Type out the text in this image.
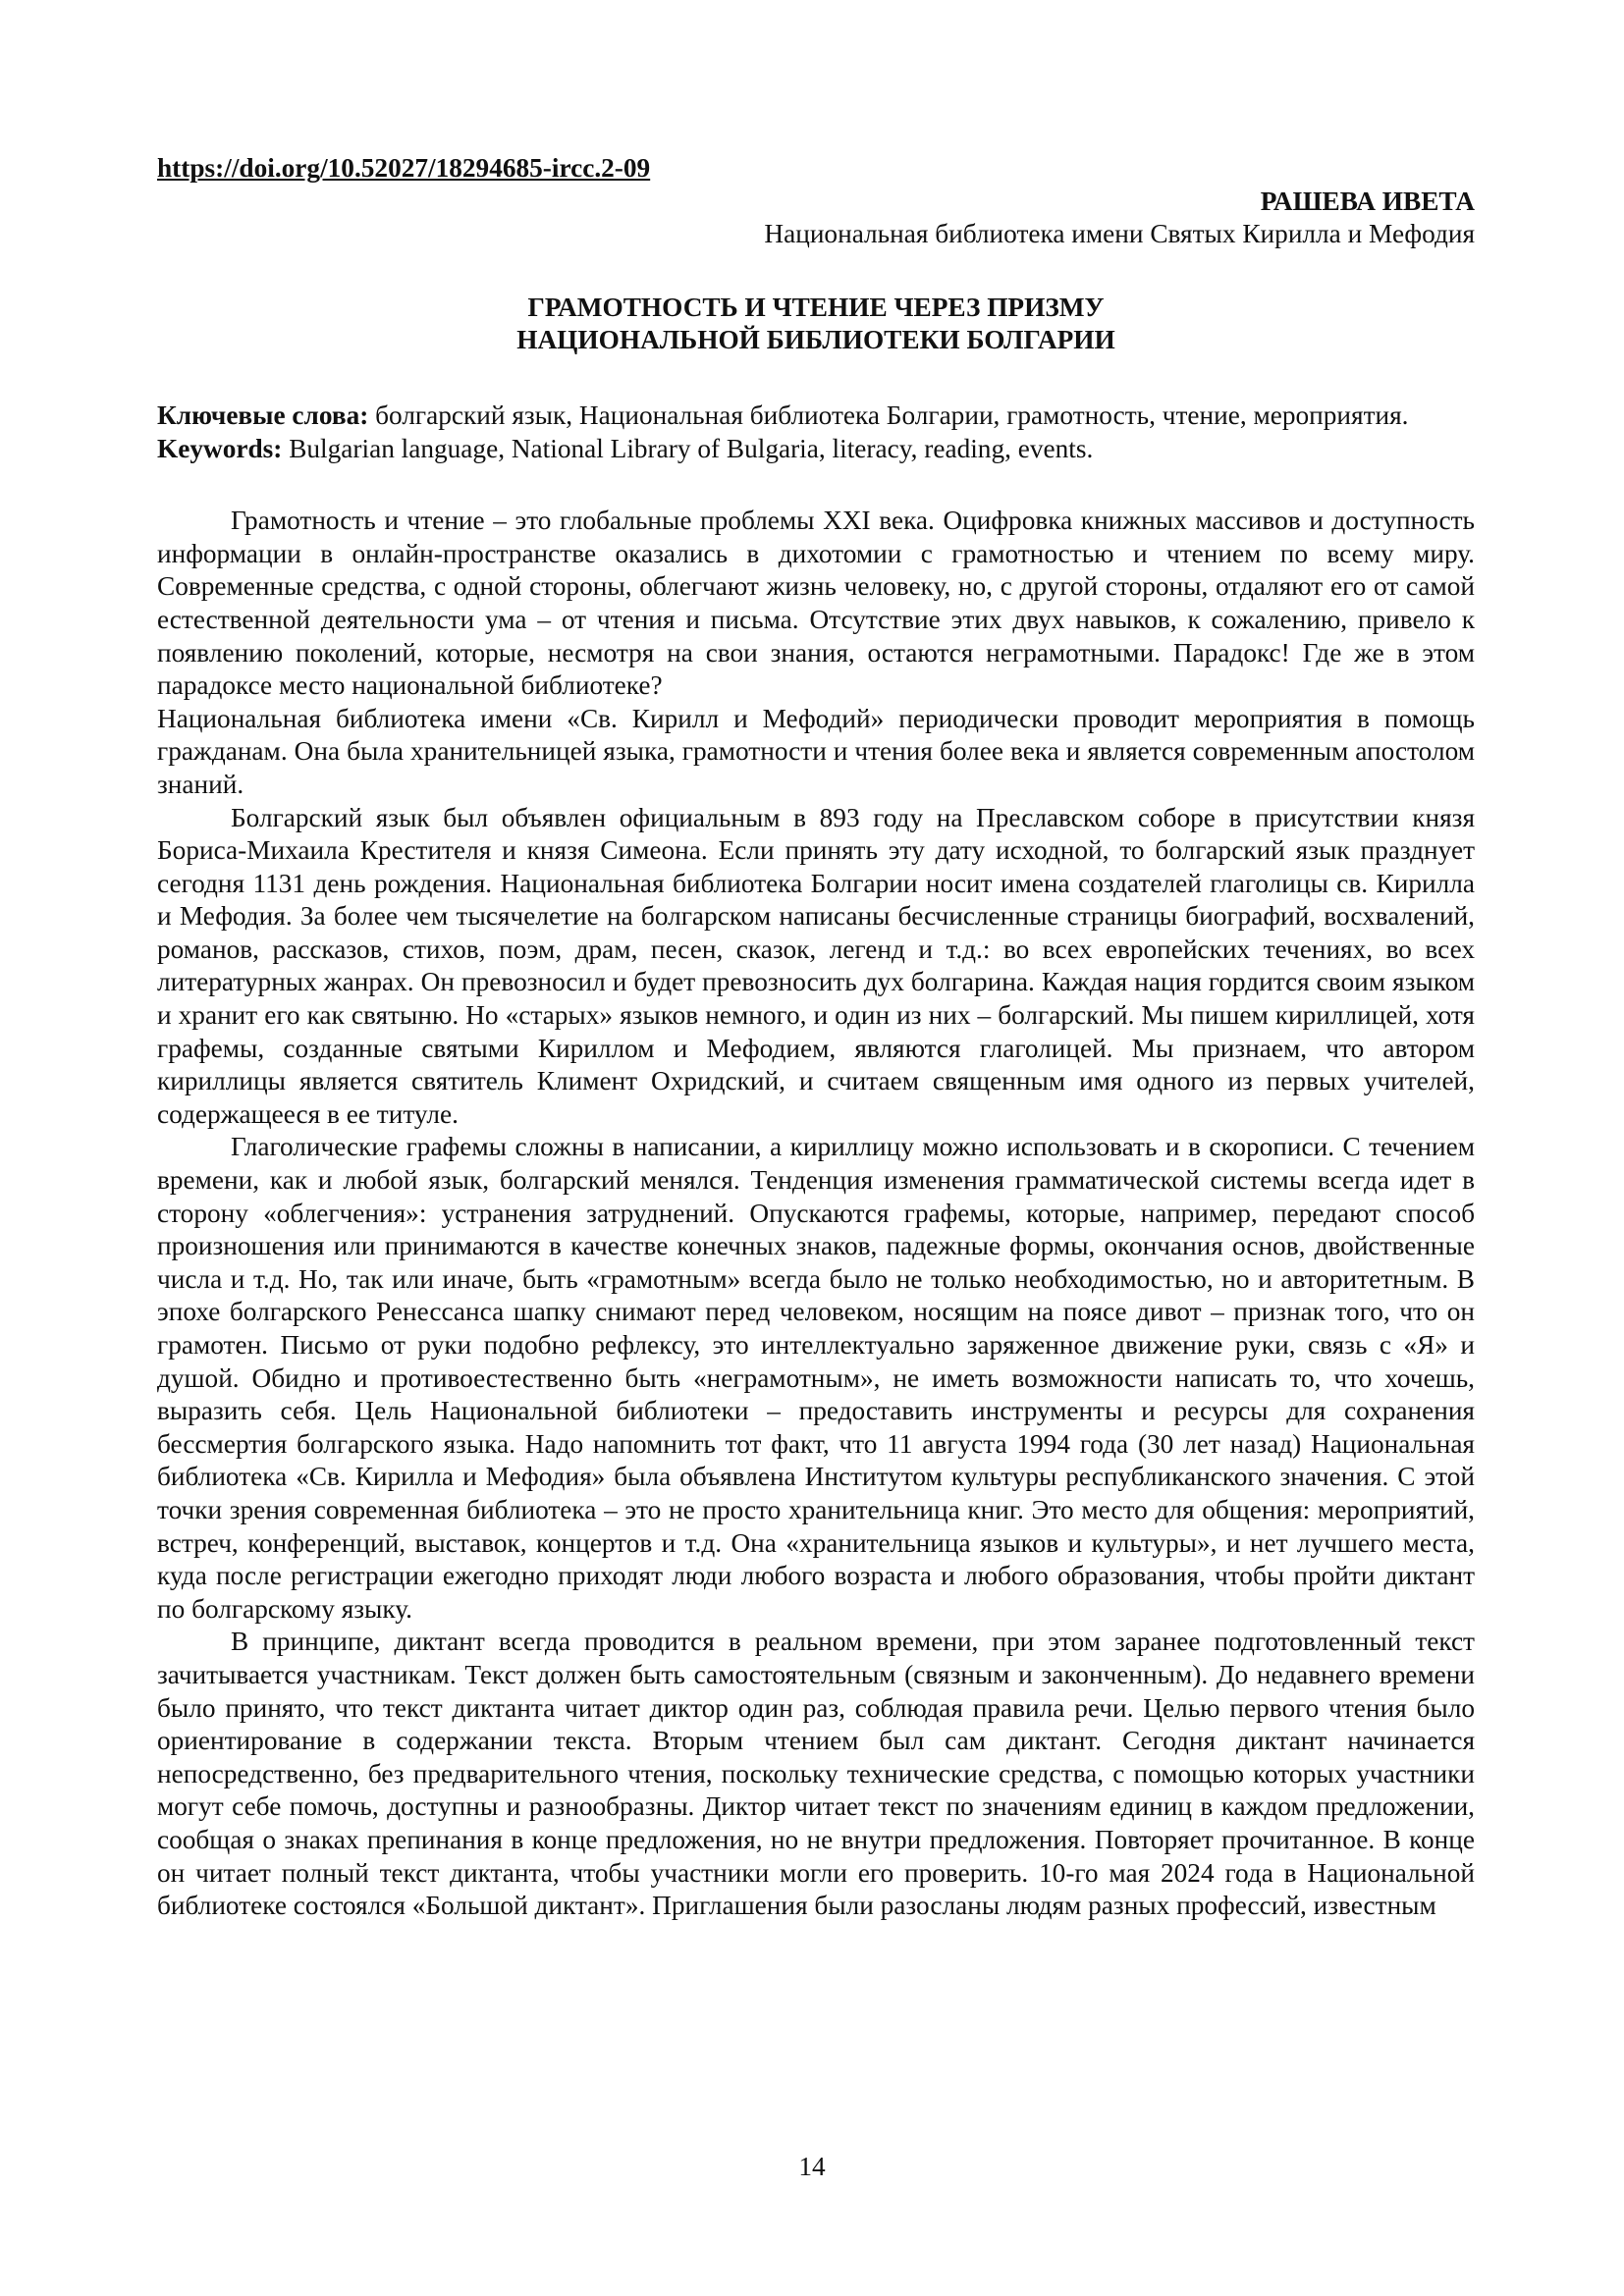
https://doi.org/10.52027/18294685-ircc.2-09
РАШЕВА ИВЕТА
Национальная библиотека имени Святых Кирилла и Мефодия
ГРАМОТНОСТЬ И ЧТЕНИЕ ЧЕРЕЗ ПРИЗМУ
НАЦИОНАЛЬНОЙ БИБЛИОТЕКИ БОЛГАРИИ
Ключевые слова: болгарский язык, Национальная библиотека Болгарии, грамотность, чтение, мероприятия.
Keywords: Bulgarian language, National Library of Bulgaria, literacy, reading, events.

Грамотность и чтение – это глобальные проблемы XXI века. Оцифровка книжных массивов и доступность информации в онлайн-пространстве оказались в дихотомии с грамотностью и чтением по всему миру. Современные средства, с одной стороны, облегчают жизнь человеку, но, с другой стороны, отдаляют его от самой естественной деятельности ума – от чтения и письма. Отсутствие этих двух навыков, к сожалению, привело к появлению поколений, которые, несмотря на свои знания, остаются неграмотными. Парадокс! Где же в этом парадоксе место национальной библиотеке?

Национальная библиотека имени «Св. Кирилл и Мефодий» периодически проводит мероприятия в помощь гражданам. Она была хранительницей языка, грамотности и чтения более века и является современным апостолом знаний.

Болгарский язык был объявлен официальным в 893 году на Преславском соборе в присутствии князя Бориса-Михаила Крестителя и князя Симеона. Если принять эту дату исходной, то болгарский язык празднует сегодня 1131 день рождения. Национальная библиотека Болгарии носит имена создателей глаголицы св. Кирилла и Мефодия. За более чем тысячелетие на болгарском написаны бесчисленные страницы биографий, восхвалений, романов, рассказов, стихов, поэм, драм, песен, сказок, легенд и т.д.: во всех европейских течениях, во всех литературных жанрах. Он превозносил и будет превозносить дух болгарина. Каждая нация гордится своим языком и хранит его как святыню. Но «старых» языков немного, и один из них – болгарский. Мы пишем кириллицей, хотя графемы, созданные святыми Кириллом и Мефодием, являются глаголицей. Мы признаем, что автором кириллицы является святитель Климент Охридский, и считаем священным имя одного из первых учителей, содержащееся в ее титуле.

Глаголические графемы сложны в написании, а кириллицу можно использовать и в скорописи. С течением времени, как и любой язык, болгарский менялся. Тенденция изменения грамматической системы всегда идет в сторону «облегчения»: устранения затруднений. Опускаются графемы, которые, например, передают способ произношения или принимаются в качестве конечных знаков, падежные формы, окончания основ, двойственные числа и т.д. Но, так или иначе, быть «грамотным» всегда было не только необходимостью, но и авторитетным. В эпохе болгарского Ренессанса шапку снимают перед человеком, носящим на поясе дивот – признак того, что он грамотен. Письмо от руки подобно рефлексу, это интеллектуально заряженное движение руки, связь с «Я» и душой. Обидно и противоестественно быть «неграмотным», не иметь возможности написать то, что хочешь, выразить себя. Цель Национальной библиотеки – предоставить инструменты и ресурсы для сохранения бессмертия болгарского языка. Надо напомнить тот факт, что 11 августа 1994 года (30 лет назад) Национальная библиотека «Св. Кирилла и Мефодия» была объявлена Институтом культуры республиканского значения. С этой точки зрения современная библиотека – это не просто хранительница книг. Это место для общения: мероприятий, встреч, конференций, выставок, концертов и т.д. Она «хранительница языков и культуры», и нет лучшего места, куда после регистрации ежегодно приходят люди любого возраста и любого образования, чтобы пройти диктант по болгарскому языку.

В принципе, диктант всегда проводится в реальном времени, при этом заранее подготовленный текст зачитывается участникам. Текст должен быть самостоятельным (связным и законченным). До недавнего времени было принято, что текст диктанта читает диктор один раз, соблюдая правила речи. Целью первого чтения было ориентирование в содержании текста. Вторым чтением был сам диктант. Сегодня диктант начинается непосредственно, без предварительного чтения, поскольку технические средства, с помощью которых участники могут себе помочь, доступны и разнообразны. Диктор читает текст по значениям единиц в каждом предложении, сообщая о знаках препинания в конце предложения, но не внутри предложения. Повторяет прочитанное. В конце он читает полный текст диктанта, чтобы участники могли его проверить. 10-го мая 2024 года в Национальной библиотеке состоялся «Большой диктант». Приглашения были разосланы людям разных профессий, известным

14
